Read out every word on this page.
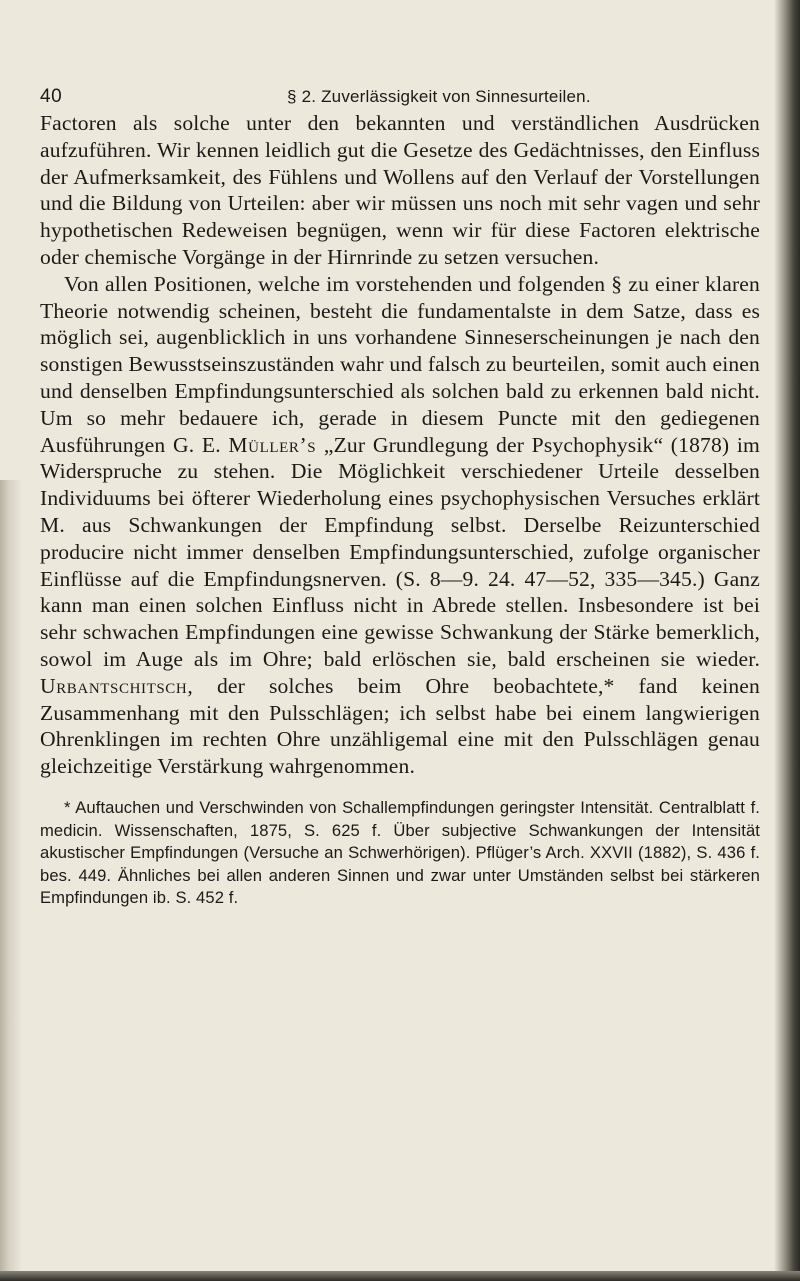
40	§ 2. Zuverlässigkeit von Sinnesurteilen.

Factoren als solche unter den bekannten und verständlichen Ausdrücken aufzuführen. Wir kennen leidlich gut die Gesetze des Gedächtnisses, den Einfluss der Aufmerksamkeit, des Fühlens und Wollens auf den Verlauf der Vorstellungen und die Bildung von Urteilen: aber wir müssen uns noch mit sehr vagen und sehr hypothetischen Redeweisen begnügen, wenn wir für diese Factoren elektrische oder chemische Vorgänge in der Hirnrinde zu setzen versuchen.

Von allen Positionen, welche im vorstehenden und folgenden § zu einer klaren Theorie notwendig scheinen, besteht die fundamentalste in dem Satze, dass es möglich sei, augenblicklich in uns vorhandene Sinneserscheinungen je nach den sonstigen Bewusstseinszuständen wahr und falsch zu beurteilen, somit auch einen und denselben Empfindungsunterschied als solchen bald zu erkennen bald nicht. Um so mehr bedauere ich, gerade in diesem Puncte mit den gediegenen Ausführungen G. E. Müller’s „Zur Grundlegung der Psychophysik“ (1878) im Widerspruche zu stehen. Die Möglichkeit verschiedener Urteile desselben Individuums bei öfterer Wiederholung eines psychophysischen Versuches erklärt M. aus Schwankungen der Empfindung selbst. Derselbe Reizunterschied producire nicht immer denselben Empfindungsunterschied, zufolge organischer Einflüsse auf die Empfindungsnerven. (S. 8—9. 24. 47—52, 335—345.) Ganz kann man einen solchen Einfluss nicht in Abrede stellen. Insbesondere ist bei sehr schwachen Empfindungen eine gewisse Schwankung der Stärke bemerklich, sowol im Auge als im Ohre; bald erlöschen sie, bald erscheinen sie wieder. Urbantschitsch, der solches beim Ohre beobachtete,* fand keinen Zusammenhang mit den Pulsschlägen; ich selbst habe bei einem langwierigen Ohrenklingen im rechten Ohre unzähligemal eine mit den Pulsschlägen genau gleichzeitige Verstärkung wahrgenommen.

* Auftauchen und Verschwinden von Schallempfindungen geringster Intensität. Centralblatt f. medicin. Wissenschaften, 1875, S. 625 f. Über subjective Schwankungen der Intensität akustischer Empfindungen (Versuche an Schwerhörigen). Pflüger’s Arch. XXVII (1882), S. 436 f. bes. 449. Ähnliches bei allen anderen Sinnen und zwar unter Umständen selbst bei stärkeren Empfindungen ib. S. 452 f.
